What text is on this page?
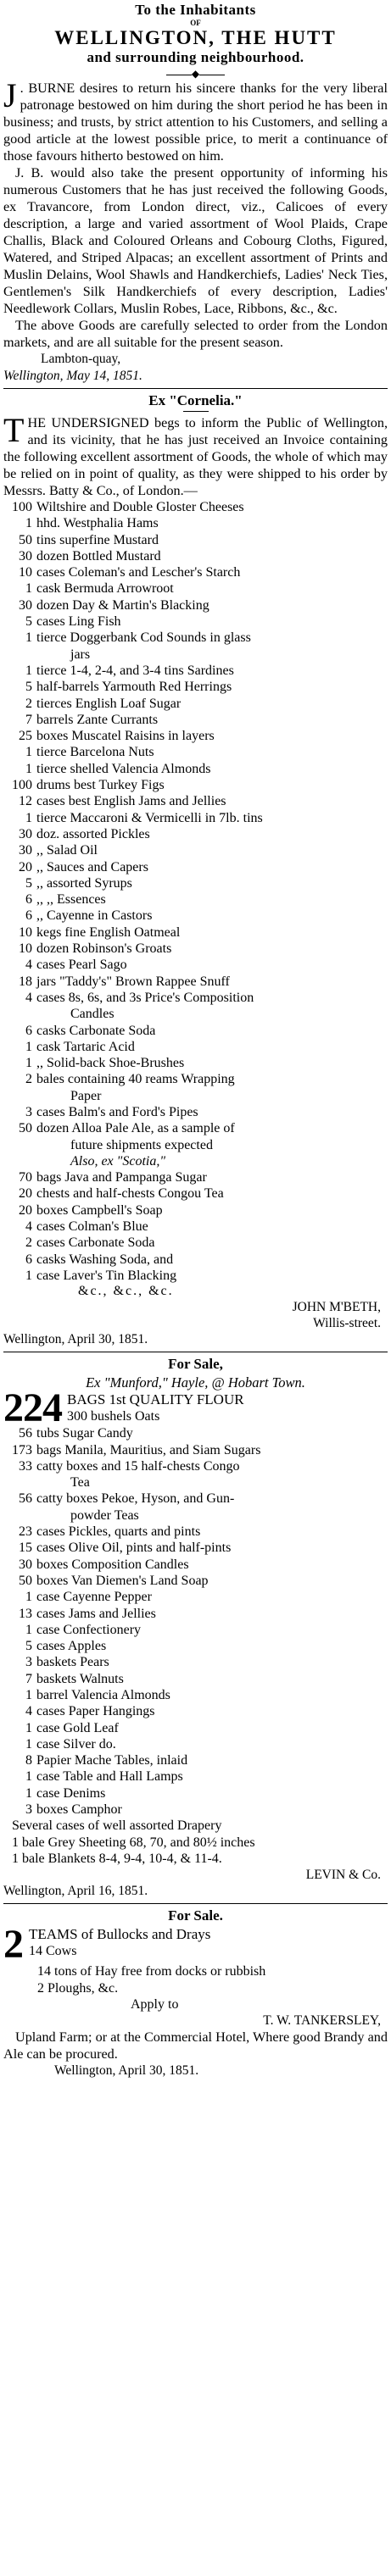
To the Inhabitants
OF
WELLINGTON, THE HUTT
and surrounding neighbourhood.
◆

J . BURNE desires to return his sincere thanks for the very liberal patronage bestowed on him during the short period he has been in business; and trusts, by strict attention to his Customers, and selling a good article at the lowest possible price, to merit a continuance of those favours hitherto bestowed on him.

J. B. would also take the present opportunity of informing his numerous Customers that he has just received the following Goods, ex Travancore, from London direct, viz., Calicoes of every description, a large and varied assortment of Wool Plaids, Crape Challis, Black and Coloured Orleans and Cobourg Cloths, Figured, Watered, and Striped Alpacas; an excellent assortment of Prints and Muslin Delains, Wool Shawls and Handkerchiefs, Ladies' Neck Ties, Gentlemen's Silk Handkerchiefs of every description, Ladies' Needlework Collars, Muslin Robes, Lace, Ribbons, &c., &c.

The above Goods are carefully selected to order from the London markets, and are all suitable for the present season.

Lambton-quay,
Wellington, May 14, 1851.
Ex "Cornelia."

THE UNDERSIGNED begs to inform the Public of Wellington, and its vicinity, that he has just received an Invoice containing the following excellent assortment of Goods, the whole of which may be relied on in point of quality, as they were shipped to his order by Messrs. Batty & Co., of London.—

100 Wiltshire and Double Gloster Cheeses
1 hhd. Westphalia Hams
50 tins superfine Mustard
30 dozen Bottled Mustard
10 cases Coleman's and Lescher's Starch
1 cask Bermuda Arrowroot
30 dozen Day & Martin's Blacking
5 cases Ling Fish
1 tierce Doggerbank Cod Sounds in glass
jars
1 tierce 1-4, 2-4, and 3-4 tins Sardines
5 half-barrels Yarmouth Red Herrings
2 tierces English Loaf Sugar
7 barrels Zante Currants
25 boxes Muscatel Raisins in layers
1 tierce Barcelona Nuts
1 tierce shelled Valencia Almonds
100 drums best Turkey Figs
12 cases best English Jams and Jellies
1 tierce Maccaroni & Vermicelli in 7lb. tins
30 doz. assorted Pickles
30 ,, Salad Oil
20 ,, Sauces and Capers
5 ,, assorted Syrups
6 ,, ,, Essences
6 ,, Cayenne in Castors
10 kegs fine English Oatmeal
10 dozen Robinson's Groats
4 cases Pearl Sago
18 jars "Taddy's" Brown Rappee Snuff
4 cases 8s, 6s, and 3s Price's Composition
Candles
6 casks Carbonate Soda
1 cask Tartaric Acid
1 ,, Solid-back Shoe-Brushes
2 bales containing 40 reams Wrapping
Paper
3 cases Balm's and Ford's Pipes
50 dozen Alloa Pale Ale, as a sample of
future shipments expected
Also, ex "Scotia,"
70 bags Java and Pampanga Sugar
20 chests and half-chests Congou Tea
20 boxes Campbell's Soap
4 cases Colman's Blue
2 cases Carbonate Soda
6 casks Washing Soda, and
1 case Laver's Tin Blacking
&c., &c., &c.
JOHN M'BETH,
Willis-street.
Wellington, April 30, 1851.
For Sale,
Ex "Munford," Hayle, @ Hobart Town.
224 BAGS 1st QUALITY FLOUR
300 bushels Oats
56 tubs Sugar Candy
173 bags Manila, Mauritius, and Siam Sugars
33 catty boxes and 15 half-chests Congo
Tea
56 catty boxes Pekoe, Hyson, and Gun-
powder Teas
23 cases Pickles, quarts and pints
15 cases Olive Oil, pints and half-pints
30 boxes Composition Candles
50 boxes Van Diemen's Land Soap
1 case Cayenne Pepper
13 cases Jams and Jellies
1 case Confectionery
5 cases Apples
3 baskets Pears
7 baskets Walnuts
1 barrel Valencia Almonds
4 cases Paper Hangings
1 case Gold Leaf
1 case Silver do.
8 Papier Mache Tables, inlaid
1 case Table and Hall Lamps
1 case Denims
3 boxes Camphor
Several cases of well assorted Drapery
1 bale Grey Sheeting 68, 70, and 80½ inches
1 bale Blankets 8-4, 9-4, 10-4, & 11-4.
LEVIN & Co.
Wellington, April 16, 1851.
For Sale.
2 TEAMS of Bullocks and Drays
14 Cows
14 tons of Hay free from docks or rubbish
2 Ploughs, &c.
Apply to
T. W. TANKERSLEY,

Upland Farm; or at the Commercial Hotel, Where good Brandy and Ale can be procured.

Wellington, April 30, 1851.
